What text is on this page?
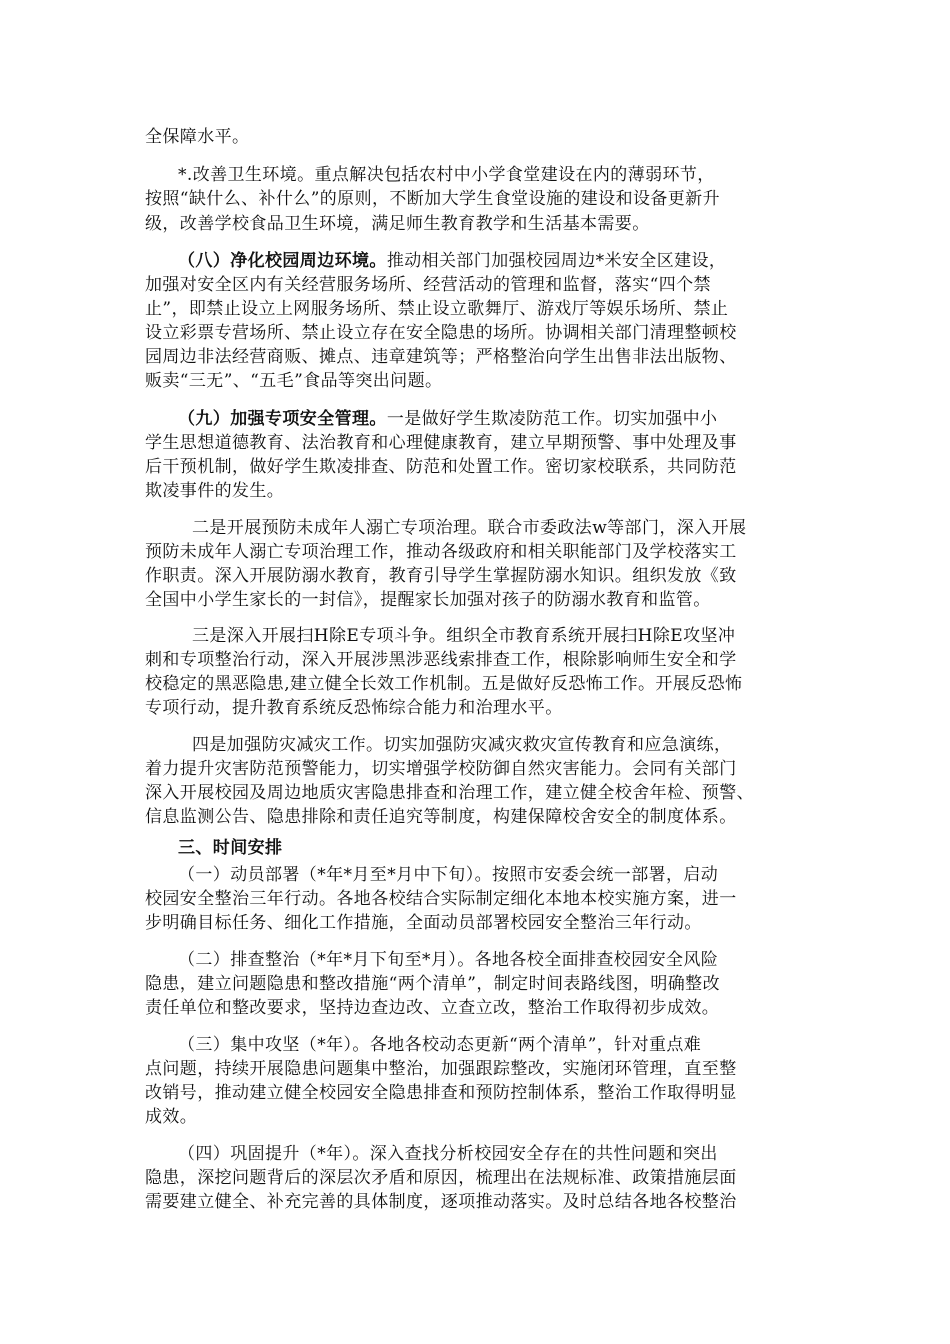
全保障水平。
*.改善卫生环境。重点解决包括农村中小学食堂建设在内的薄弱环节，
按照“缺什么、补什么”的原则，不断加大学生食堂设施的建设和设备更新升
级，改善学校食品卫生环境，满足师生教育教学和生活基本需要。
（八）净化校园周边环境。推动相关部门加强校园周边*米安全区建设，
加强对安全区内有关经营服务场所、经营活动的管理和监督，落实“四个禁
止”，即禁止设立上网服务场所、禁止设立歌舞厅、游戏厅等娱乐场所、禁止
设立彩票专营场所、禁止设立存在安全隐患的场所。协调相关部门清理整顿校
园周边非法经营商贩、摊点、违章建筑等；严格整治向学生出售非法出版物、
贩卖“三无”、“五毛”食品等突出问题。
（九）加强专项安全管理。一是做好学生欺凌防范工作。切实加强中小
学生思想道德教育、法治教育和心理健康教育，建立早期预警、事中处理及事
后干预机制，做好学生欺凌排查、防范和处置工作。密切家校联系，共同防范
欺凌事件的发生。
二是开展预防未成年人溺亡专项治理。联合市委政法w等部门，深入开展
预防未成年人溺亡专项治理工作，推动各级政府和相关职能部门及学校落实工
作职责。深入开展防溺水教育，教育引导学生掌握防溺水知识。组织发放《致
全国中小学生家长的一封信》，提醒家长加强对孩子的防溺水教育和监管。
三是深入开展扫H除E专项斗争。组织全市教育系统开展扫H除E攻坚冲
刺和专项整治行动，深入开展涉黑涉恶线索排查工作，根除影响师生安全和学
校稳定的黑恶隐患,建立健全长效工作机制。五是做好反恐怖工作。开展反恐怖
专项行动，提升教育系统反恐怖综合能力和治理水平。
四是加强防灾减灾工作。切实加强防灾减灾救灾宣传教育和应急演练，
着力提升灾害防范预警能力，切实增强学校防御自然灾害能力。会同有关部门
深入开展校园及周边地质灾害隐患排查和治理工作，建立健全校舍年检、预警、
信息监测公告、隐患排除和责任追究等制度，构建保障校舍安全的制度体系。
三、时间安排
（一）动员部署（*年*月至*月中下旬）。按照市安委会统一部署，启动
校园安全整治三年行动。各地各校结合实际制定细化本地本校实施方案，进一
步明确目标任务、细化工作措施，全面动员部署校园安全整治三年行动。
（二）排查整治（*年*月下旬至*月）。各地各校全面排查校园安全风险
隐患，建立问题隐患和整改措施“两个清单”，制定时间表路线图，明确整改
责任单位和整改要求，坚持边查边改、立查立改，整治工作取得初步成效。
（三）集中攻坚（*年）。各地各校动态更新“两个清单”，针对重点难
点问题，持续开展隐患问题集中整治，加强跟踪整改，实施闭环管理，直至整
改销号，推动建立健全校园安全隐患排查和预防控制体系，整治工作取得明显
成效。
（四）巩固提升（*年）。深入查找分析校园安全存在的共性问题和突出
隐患，深挖问题背后的深层次矛盾和原因，梳理出在法规标准、政策措施层面
需要建立健全、补充完善的具体制度，逐项推动落实。及时总结各地各校整治
